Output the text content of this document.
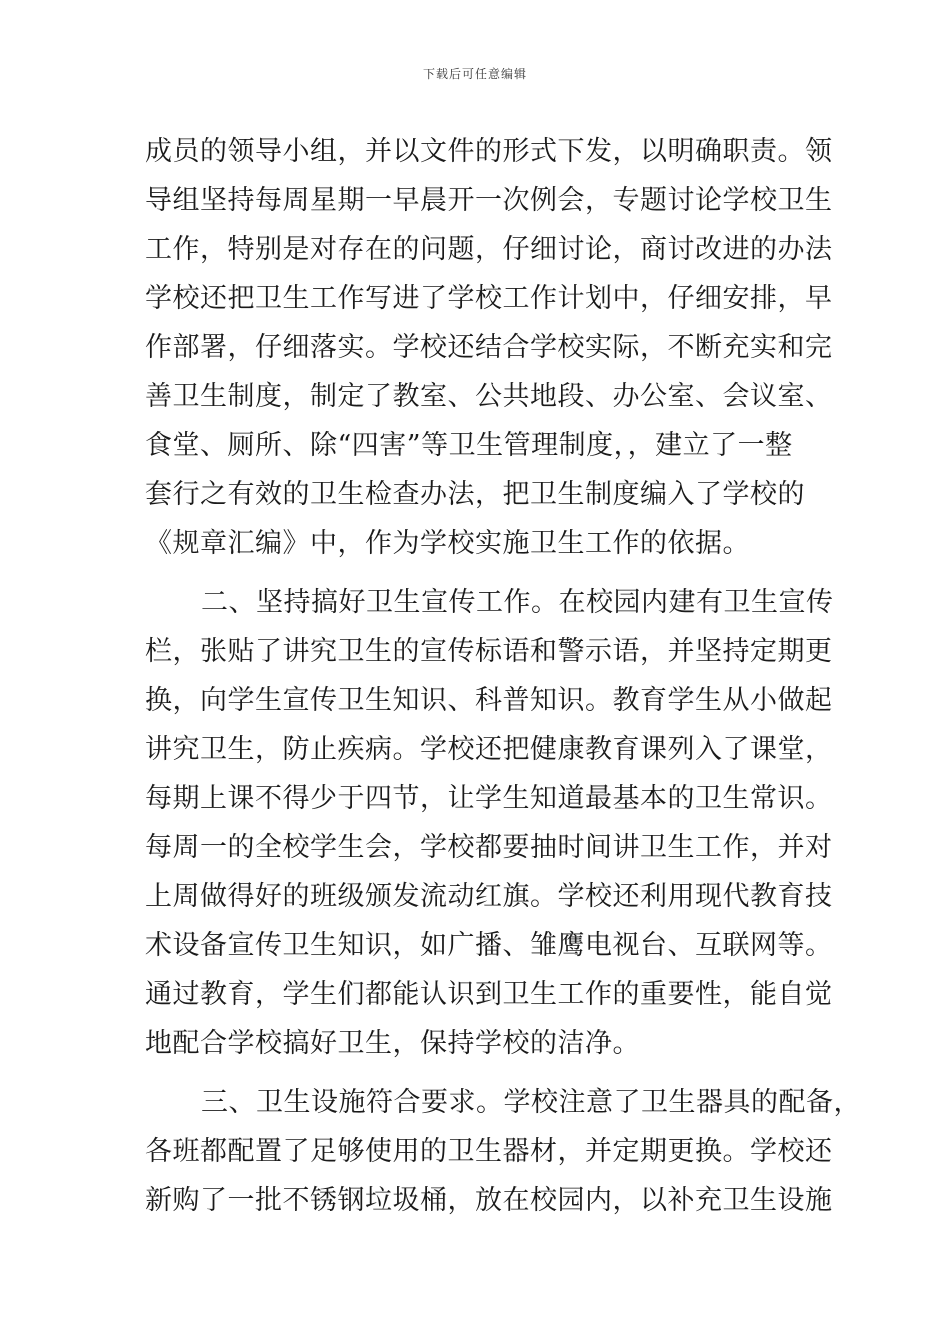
下载后可任意编辑
成员的领导小组，并以文件的形式下发，以明确职责。领
导组坚持每周星期一早晨开一次例会，专题讨论学校卫生
工作，特别是对存在的问题，仔细讨论，商讨改进的办法
学校还把卫生工作写进了学校工作计划中，仔细安排，早
作部署，仔细落实。学校还结合学校实际，不断充实和完
善卫生制度，制定了教室、公共地段、办公室、会议室、
食堂、厕所、除“四害”等卫生管理制度，，建立了一整
套行之有效的卫生检查办法，把卫生制度编入了学校的
《规章汇编》中，作为学校实施卫生工作的依据。
二、坚持搞好卫生宣传工作。在校园内建有卫生宣传
栏，张贴了讲究卫生的宣传标语和警示语，并坚持定期更
换，向学生宣传卫生知识、科普知识。教育学生从小做起
讲究卫生，防止疾病。学校还把健康教育课列入了课堂，
每期上课不得少于四节，让学生知道最基本的卫生常识。
每周一的全校学生会，学校都要抽时间讲卫生工作，并对
上周做得好的班级颁发流动红旗。学校还利用现代教育技
术设备宣传卫生知识，如广播、雏鹰电视台、互联网等。
通过教育，学生们都能认识到卫生工作的重要性，能自觉
地配合学校搞好卫生，保持学校的洁净。
三、卫生设施符合要求。学校注意了卫生器具的配备，
各班都配置了足够使用的卫生器材，并定期更换。学校还
新购了一批不锈钢垃圾桶，放在校园内，以补充卫生设施
